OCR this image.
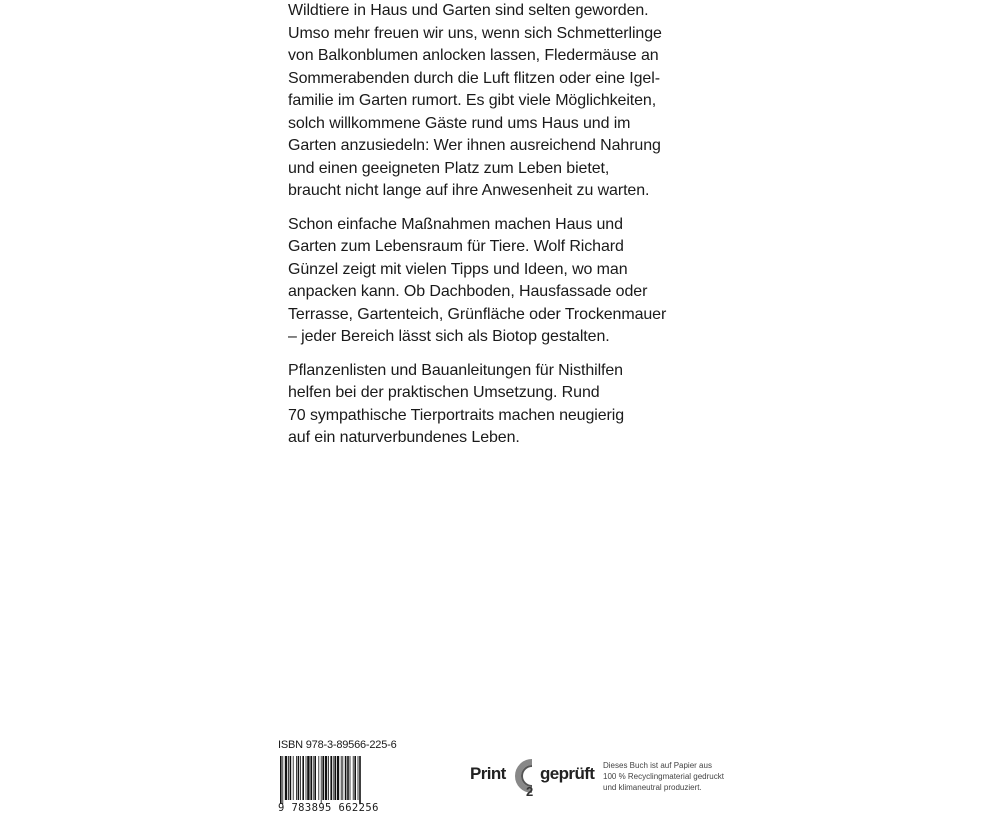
Wildtiere in Haus und Garten sind selten geworden.
Umso mehr freuen wir uns, wenn sich Schmetterlinge
von Balkonblumen anlocken lassen, Fledermäuse an
Sommerabenden durch die Luft flitzen oder eine Igel-
familie im Garten rumort. Es gibt viele Möglichkeiten,
solch willkommene Gäste rund ums Haus und im
Garten anzusiedeln: Wer ihnen ausreichend Nahrung
und einen geeigneten Platz zum Leben bietet,
braucht nicht lange auf ihre Anwesenheit zu warten.

Schon einfache Maßnahmen machen Haus und
Garten zum Lebensraum für Tiere. Wolf Richard
Günzel zeigt mit vielen Tipps und Ideen, wo man
anpacken kann. Ob Dachboden, Hausfassade oder
Terrasse, Gartenteich, Grünfläche oder Trockenmauer
– jeder Bereich lässt sich als Biotop gestalten.

Pflanzenlisten und Bauanleitungen für Nisthilfen
helfen bei der praktischen Umsetzung. Rund
70 sympathische Tierportraits machen neugierig
auf ein naturverbundenes Leben.

ISBN 978-3-89566-225-6
9 783895 662256
Print
2
geprüft Dieses Buch ist auf Papier aus
100 % Recyclingmaterial gedruckt
und klimaneutral produziert.
